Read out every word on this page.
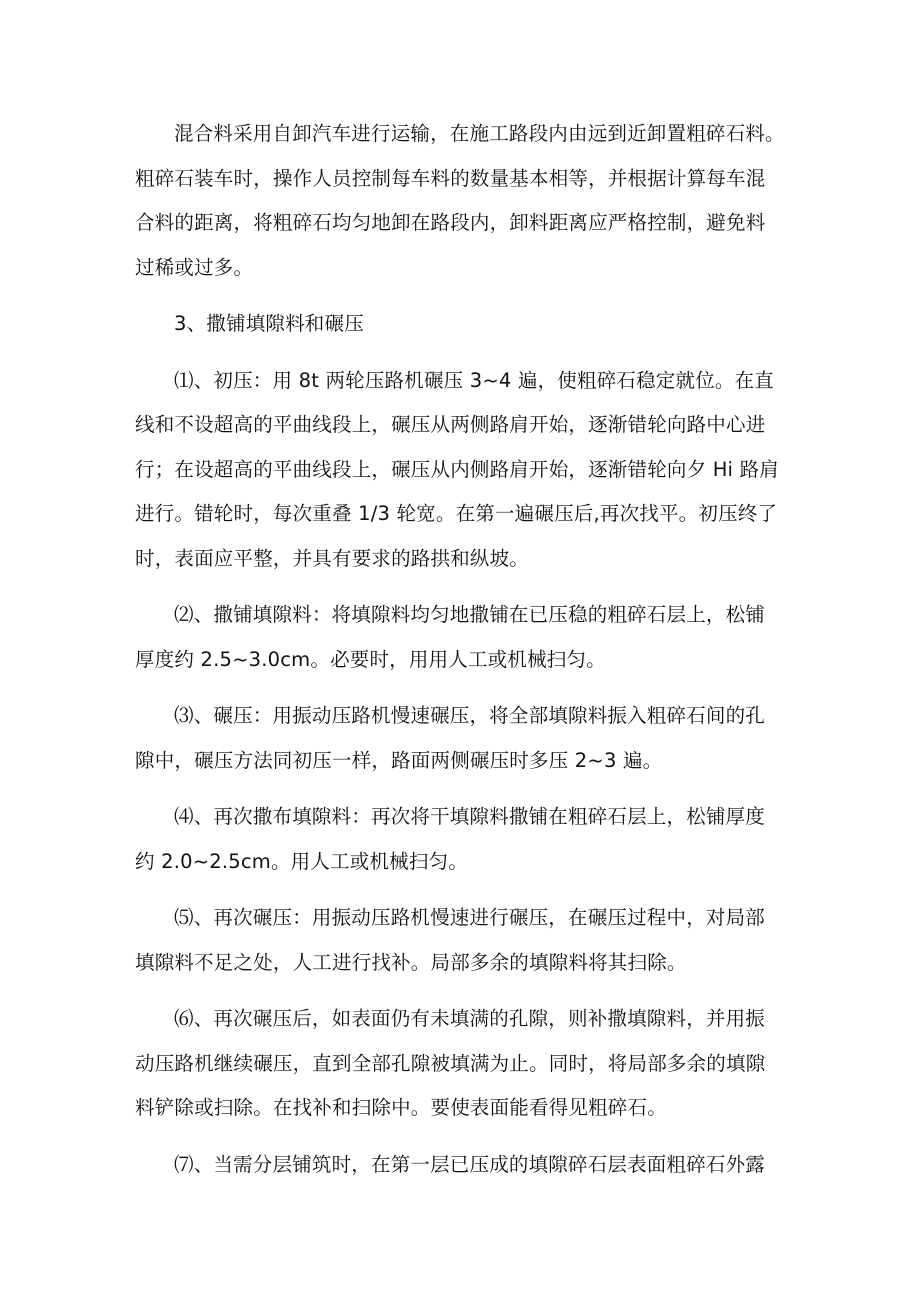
混合料采用自卸汽车进行运输，在施工路段内由远到近卸置粗碎石料。
粗碎石装车时，操作人员控制每车料的数量基本相等，并根据计算每车混
合料的距离，将粗碎石均匀地卸在路段内，卸料距离应严格控制，避免料
过稀或过多。
3、撒铺填隙料和碾压
⑴、初压：用 8t 两轮压路机碾压 3~4 遍，使粗碎石稳定就位。在直
线和不设超高的平曲线段上，碾压从两侧路肩开始，逐渐错轮向路中心进
行；在设超高的平曲线段上，碾压从内侧路肩开始，逐渐错轮向夕 Hi 路肩
进行。错轮时，每次重叠 1/3 轮宽。在第一遍碾压后,再次找平。初压终了
时，表面应平整，并具有要求的路拱和纵坡。
⑵、撒铺填隙料：将填隙料均匀地撒铺在已压稳的粗碎石层上，松铺
厚度约 2.5~3.0cm。必要时，用用人工或机械扫匀。
⑶、碾压：用振动压路机慢速碾压，将全部填隙料振入粗碎石间的孔
隙中，碾压方法同初压一样，路面两侧碾压时多压 2~3 遍。
⑷、再次撒布填隙料：再次将干填隙料撒铺在粗碎石层上，松铺厚度
约 2.0~2.5cm。用人工或机械扫匀。
⑸、再次碾压：用振动压路机慢速进行碾压，在碾压过程中，对局部
填隙料不足之处，人工进行找补。局部多余的填隙料将其扫除。
⑹、再次碾压后，如表面仍有未填满的孔隙，则补撒填隙料，并用振
动压路机继续碾压，直到全部孔隙被填满为止。同时，将局部多余的填隙
料铲除或扫除。在找补和扫除中。要使表面能看得见粗碎石。
⑺、当需分层铺筑时，在第一层已压成的填隙碎石层表面粗碎石外露
